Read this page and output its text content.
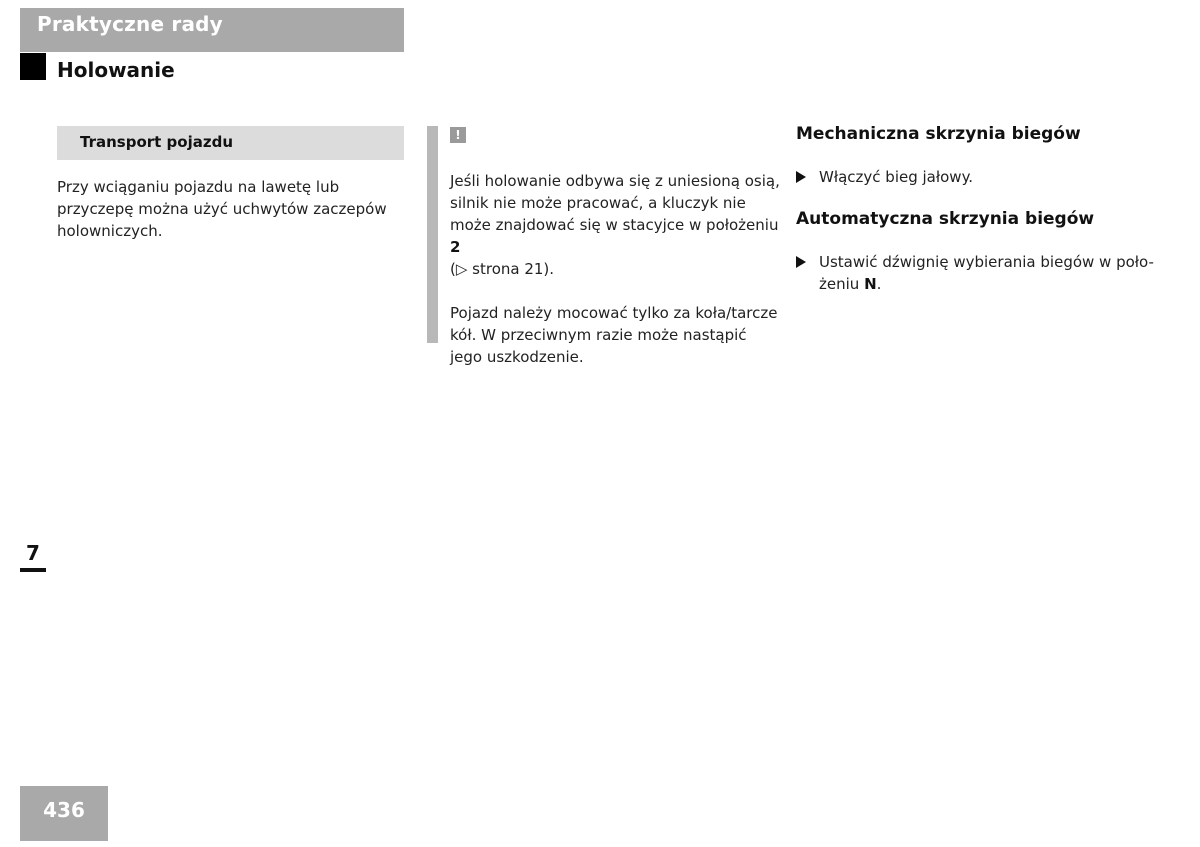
Praktyczne rady
Holowanie
Transport pojazdu
Przy wciąganiu pojazdu na lawetę lub przyczepę można użyć uchwytów zaczepów holowniczych.
!

Jeśli holowanie odbywa się z uniesioną osią, silnik nie może pracować, a kluczyk nie może znajdować się w stacyjce w położeniu 2
(▷ strona 21).

Pojazd należy mocować tylko za koła/tarcze kół. W przeciwnym razie może nastąpić jego uszkodzenie.

Mechaniczna skrzynia biegów
Włączyć bieg jałowy.
Automatyczna skrzynia biegów
Ustawić dźwignię wybierania biegów w poło-żeniu N.
7
436
